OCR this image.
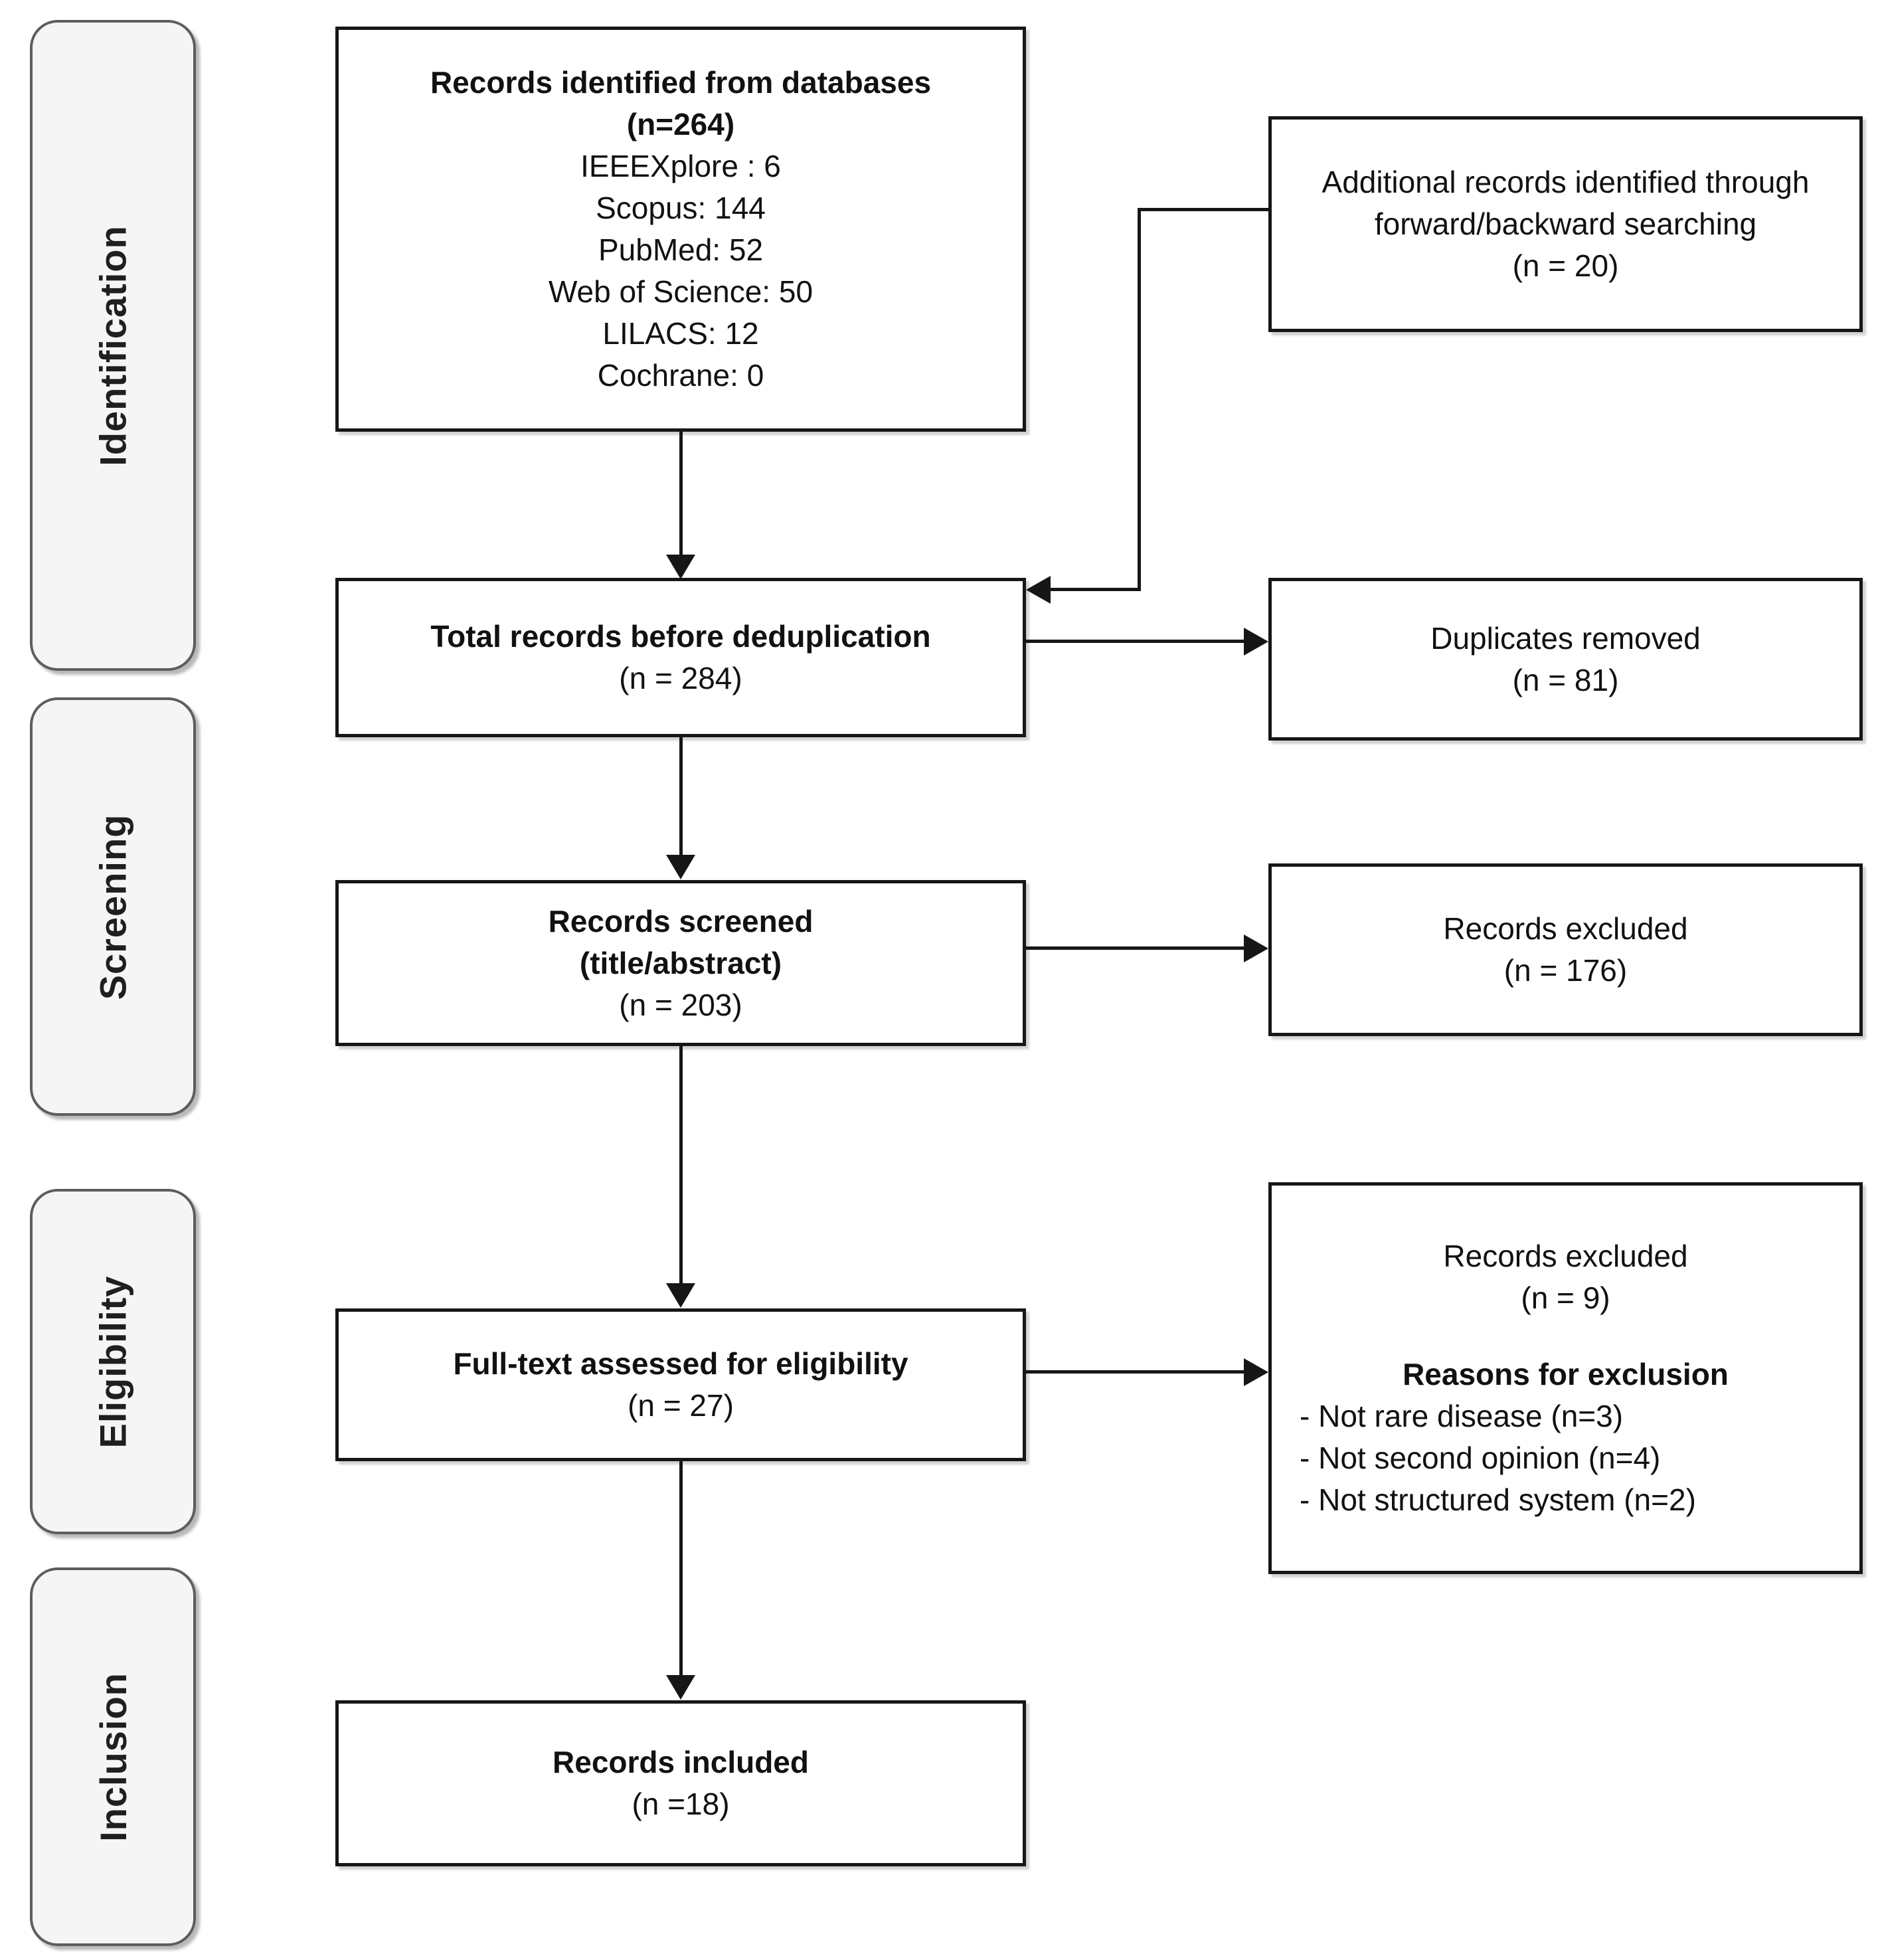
Identification
Screening
Eligibility
Inclusion
Records identified from databases
(n=264)
IEEEXplore : 6
Scopus: 144
PubMed: 52
Web of Science: 50
LILACS: 12
Cochrane: 0
Total records before deduplication
(n = 284)
Records screened
(title/abstract)
(n = 203)
Full-text assessed for eligibility
(n = 27)
Records included
(n =18)
Additional records identified through forward/backward searching
(n = 20)
Duplicates removed
(n = 81)
Records excluded
(n = 176)
Records excluded
(n = 9)
Reasons for exclusion
- Not rare disease (n=3)
- Not second opinion (n=4)
- Not structured system (n=2)
